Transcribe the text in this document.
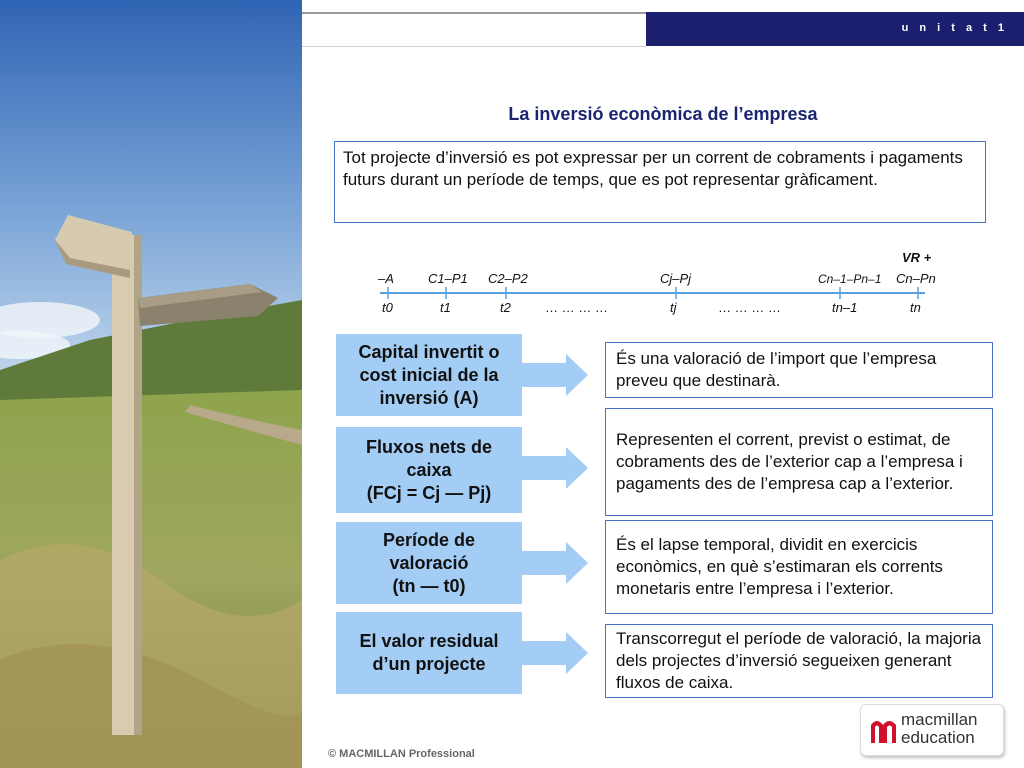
u n i t a t 1
La inversió econòmica de l’empresa
Tot projecte d’inversió es pot expressar per un corrent de cobraments i pagaments futurs durant un període de temps, que es pot representar gràficament.
VR +
–A	C1–P1 C2–P2	Cj–Pj	Cn–1–Pn–1 Cn–Pn
t0	t1	t2	… … … …	tj	… … … …	tn–1	tn
Capital invertit o
cost inicial de la
inversió (A)
És una valoració de l’import que l’empresa preveu que destinarà.
Fluxos nets de
caixa
(FCj = Cj — Pj)
Representen el corrent, previst o estimat, de cobraments des de l’exterior cap a l’empresa i pagaments des de l’empresa cap a l’exterior.
Període de
valoració
(tn — t0)
És el lapse temporal, dividit en exercicis econòmics, en què s’estimaran els corrents monetaris entre l’empresa i l’exterior.
El valor residual
d’un projecte
Transcorregut el període de valoració, la majoria dels projectes d’inversió segueixen generant fluxos de caixa.
© MACMILLAN Professional
macmillan
education
